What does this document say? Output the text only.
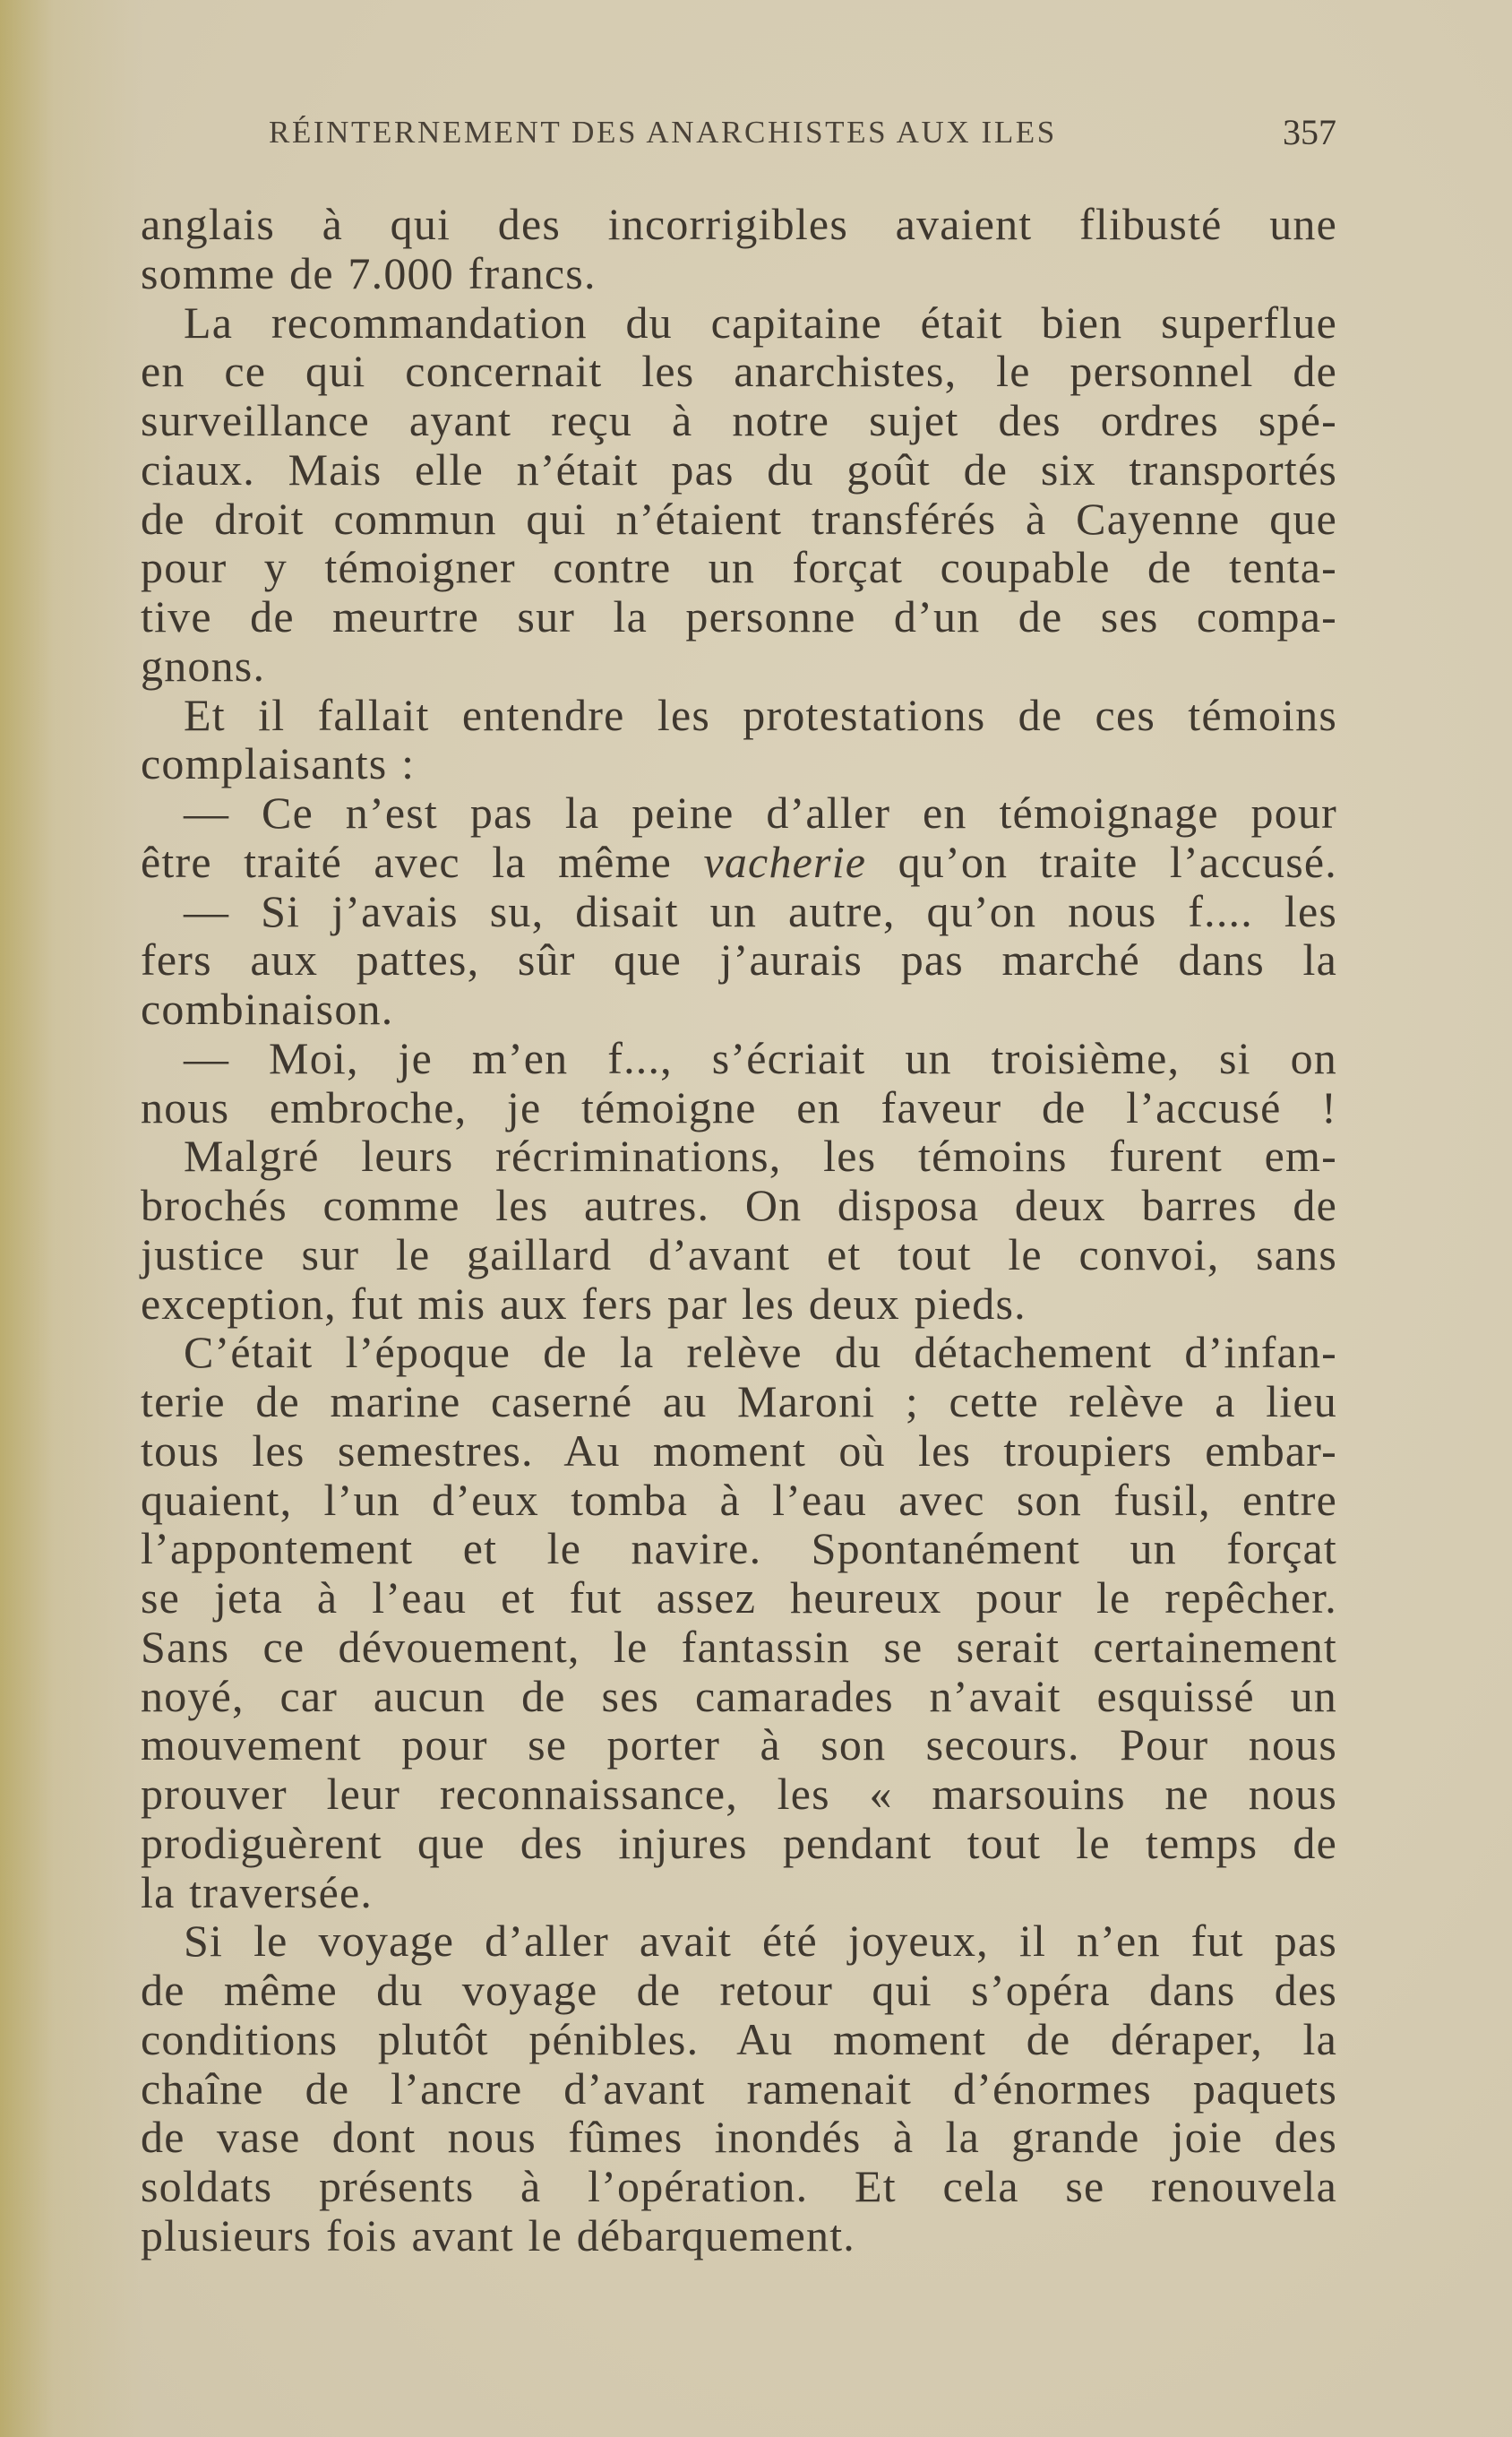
RÉINTERNEMENT DES ANARCHISTES AUX ILES	357
anglais à qui des incorrigibles avaient flibusté une
somme de 7.000 francs.
La recommandation du capitaine était bien superflue
en ce qui concernait les anarchistes, le personnel de
surveillance ayant reçu à notre sujet des ordres spé-
ciaux. Mais elle n’était pas du goût de six transportés
de droit commun qui n’étaient transférés à Cayenne que
pour y témoigner contre un forçat coupable de tenta-
tive de meurtre sur la personne d’un de ses compa-
gnons.
Et il fallait entendre les protestations de ces témoins
complaisants :
— Ce n’est pas la peine d’aller en témoignage pour
être traité avec la même vacherie qu’on traite l’accusé.
— Si j’avais su, disait un autre, qu’on nous f.... les
fers aux pattes, sûr que j’aurais pas marché dans la
combinaison.
— Moi, je m’en f..., s’écriait un troisième, si on
nous embroche, je témoigne en faveur de l’accusé !
Malgré leurs récriminations, les témoins furent em-
brochés comme les autres. On disposa deux barres de
justice sur le gaillard d’avant et tout le convoi, sans
exception, fut mis aux fers par les deux pieds.
C’était l’époque de la relève du détachement d’infan-
terie de marine caserné au Maroni ; cette relève a lieu
tous les semestres. Au moment où les troupiers embar-
quaient, l’un d’eux tomba à l’eau avec son fusil, entre
l’appontement et le navire. Spontanément un forçat
se jeta à l’eau et fut assez heureux pour le repêcher.
Sans ce dévouement, le fantassin se serait certainement
noyé, car aucun de ses camarades n’avait esquissé un
mouvement pour se porter à son secours. Pour nous
prouver leur reconnaissance, les « marsouins ne nous
prodiguèrent que des injures pendant tout le temps de
la traversée.
Si le voyage d’aller avait été joyeux, il n’en fut pas
de même du voyage de retour qui s’opéra dans des
conditions plutôt pénibles. Au moment de déraper, la
chaîne de l’ancre d’avant ramenait d’énormes paquets
de vase dont nous fûmes inondés à la grande joie des
soldats présents à l’opération. Et cela se renouvela
plusieurs fois avant le débarquement.
